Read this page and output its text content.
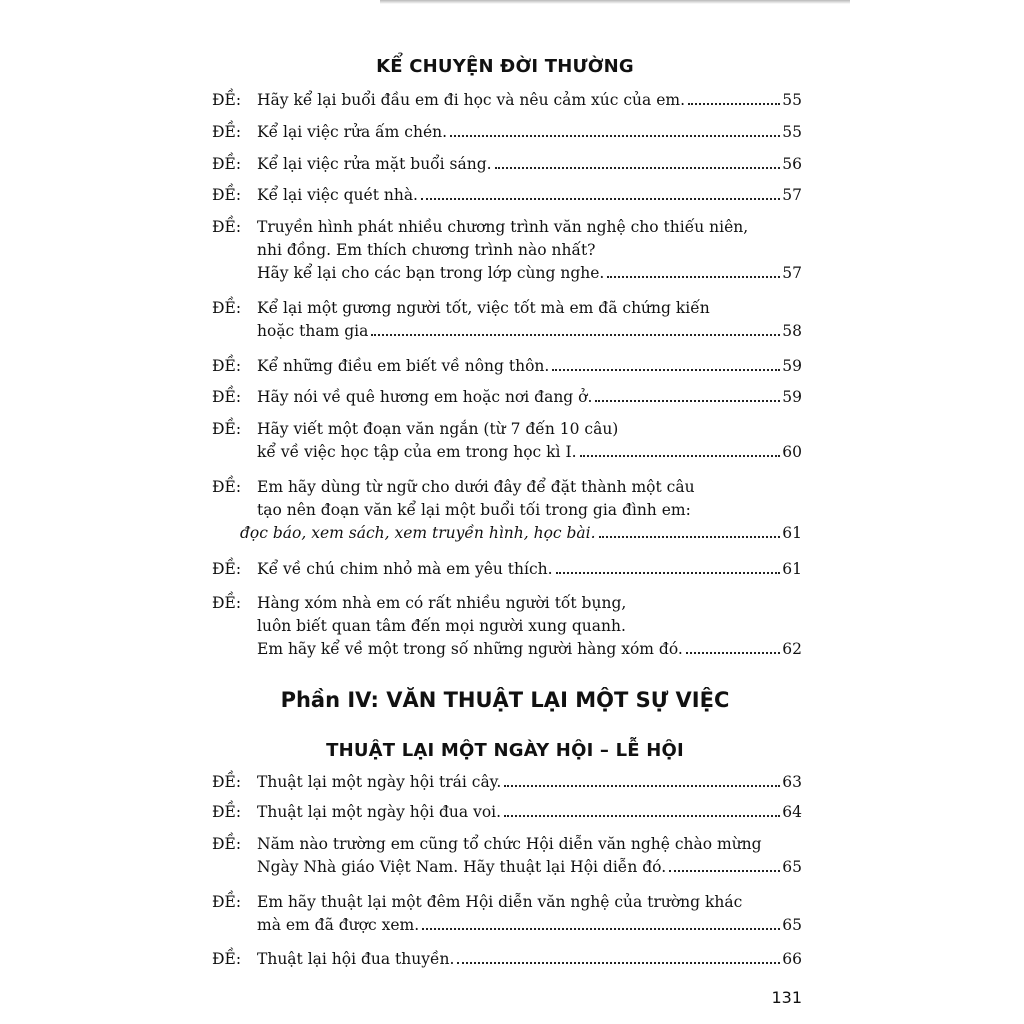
KỂ CHUYỆN ĐỜI THƯỜNG
ĐỀ:	Hãy kể lại buổi đầu em đi học và nêu cảm xúc của em.	55
ĐỀ:	Kể lại việc rửa ấm chén.	55
ĐỀ:	Kể lại việc rửa mặt buổi sáng.	56
ĐỀ:	Kể lại việc quét nhà.	57
ĐỀ:	Truyền hình phát nhiều chương trình văn nghệ cho thiếu niên,
nhi đồng. Em thích chương trình nào nhất?
Hãy kể lại cho các bạn trong lớp cùng nghe.	57
ĐỀ:	Kể lại một gương người tốt, việc tốt mà em đã chứng kiến
hoặc tham gia	58
ĐỀ:	Kể những điều em biết về nông thôn.	59
ĐỀ:	Hãy nói về quê hương em hoặc nơi đang ở.	59
ĐỀ:	Hãy viết một đoạn văn ngắn (từ 7 đến 10 câu)
kể về việc học tập của em trong học kì I.	60
ĐỀ:	Em hãy dùng từ ngữ cho dưới đây để đặt thành một câu
tạo nên đoạn văn kể lại một buổi tối trong gia đình em:
đọc báo, xem sách, xem truyền hình, học bài.	61
ĐỀ:	Kể về chú chim nhỏ mà em yêu thích.	61
ĐỀ:	Hàng xóm nhà em có rất nhiều người tốt bụng,
luôn biết quan tâm đến mọi người xung quanh.
Em hãy kể về một trong số những người hàng xóm đó.	62
Phần IV: VĂN THUẬT LẠI MỘT SỰ VIỆC
THUẬT LẠI MỘT NGÀY HỘI – LỄ HỘI
ĐỀ:	Thuật lại một ngày hội trái cây.	63
ĐỀ:	Thuật lại một ngày hội đua voi.	64
ĐỀ:	Năm nào trường em cũng tổ chức Hội diễn văn nghệ chào mừng
Ngày Nhà giáo Việt Nam. Hãy thuật lại Hội diễn đó.	65
ĐỀ:	Em hãy thuật lại một đêm Hội diễn văn nghệ của trường khác
mà em đã được xem.	65
ĐỀ:	Thuật lại hội đua thuyền.	66
131
